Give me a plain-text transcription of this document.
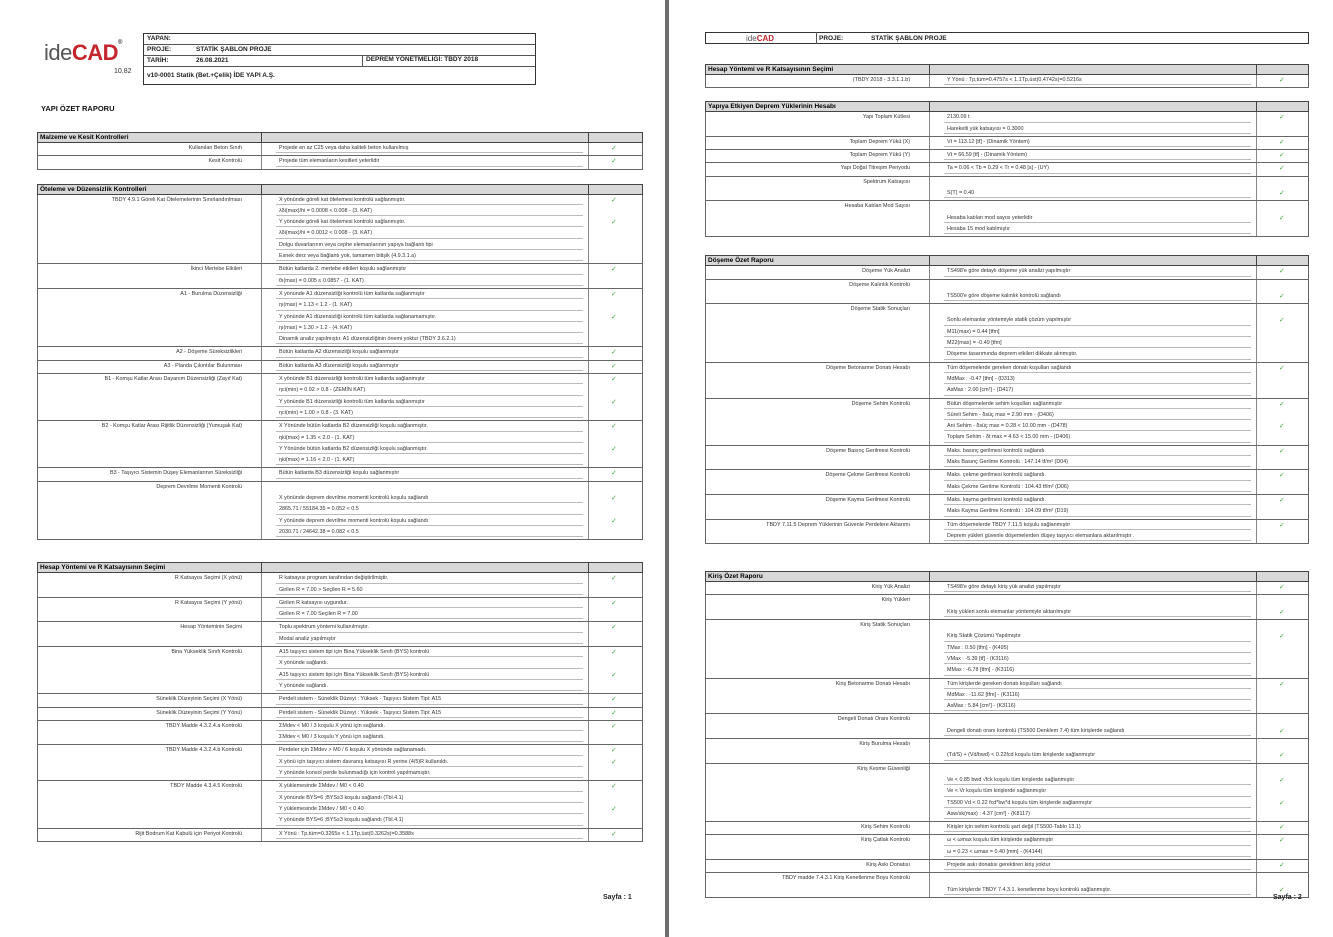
ideCAD®
10.82
YAPAN:
PROJE:	STATİK ŞABLON PROJE
TARİH:	26.08.2021	DEPREM YÖNETMELİĞİ: TBDY 2018
v10-0001 Statik (Bet.+Çelik) İDE YAPI A.Ş.
YAPI ÖZET RAPORU
Malzeme ve Kesit Kontrolleri
Kullanılan Beton Sınıfı	Projede en az C25 veya daha kaliteli beton kullanılmış	✓
Kesit Kontrolü	Projede tüm elemanların kesitleri yeterlidir	✓
Öteleme ve Düzensizlik Kontrolleri
TBDY 4.9.1 Göreli Kat Ötelemelerinin Sınırlandırılması	X yönünde göreli kat ötelemesi kontrolü sağlanmıştır.	✓
λδi(max)/hi = 0.0008 < 0.008 - (3. KAT)
Y yönünde göreli kat ötelemesi kontrolü sağlanmıştır.	✓
λδi(max)/hi = 0.0012 < 0.008 - (3. KAT)
Dolgu duvarlarının veya cephe elemanlarının yapıya bağlantı tipi
Esnek derz veya bağlantı yok, tamamen bitişik (4.9.3.1.a)
İkinci Mertebe Etkileri	Bütün katlarda 2. mertebe etkileri koşulu sağlanmıştır	✓
θı(max) = 0.005 ≤ 0.0857 - (1. KAT)
A1 - Burulma Düzensizliği	X yönünde A1 düzensizliği kontrolü tüm katlarda sağlanmıştır	✓
ηı(max) = 1.13 < 1.2 - (1. KAT)
Y yönünde A1 düzensizliği kontrolü tüm katlarda sağlanamamıştır.	✓
ηı(max) = 1.30 > 1.2 - (4. KAT)
Dinamik analiz yapılmıştır. A1 düzensizliğinin önemi yoktur (TBDY 3.6.2.1)
A2 - Döşeme Süreksizlikleri	Bütün katlarda A2 düzensizliği koşulu sağlanmıştır	✓
A3 - Planda Çıkıntılar Bulunması	Bütün katlarda A3 düzensizliği koşulu sağlanmıştır	✓
B1 - Komşu Katlar Arası Dayanım Düzensizliği (Zayıf Kat)	X yönünde B1 düzensizliği kontrolü tüm katlarda sağlanmıştır	✓
ηci(min) = 0.92 > 0.8 - (ZEMİN KAT)
Y yönünde B1 düzensizliği kontrolü tüm katlarda sağlanmıştır	✓
ηci(min) = 1.00 > 0.8 - (3. KAT)
B2 - Komşu Katlar Arası Rijitlik Düzensizliği (Yumuşak Kat)	X Yönünde bütün katlarda B2 düzensizliği koşulu sağlanmıştır.	✓
ηki(max) = 1.35 < 2.0 - (1. KAT)
Y Yönünde bütün katlarda B2 düzensizliği koşulu sağlanmıştır.	✓
ηki(max) = 1.16 < 2.0 - (1. KAT)
B3 - Taşıyıcı Sistemin Düşey Elemanlarının Süreksizliği	Bütün katlarda B3 düzensizliği koşulu sağlanmıştır	✓
Deprem Devrilme Momenti Kontrolü
X yönünde deprem devrilme momenti kontrolü koşulu sağlandı	✓
2865.71 / 55184.35 = 0.052 < 0.5
Y yönünde deprem devrilme momenti kontrolü koşulu sağlandı	✓
2030.71 / 24642.38 = 0.082 < 0.5
Hesap Yöntemi ve R Katsayısının Seçimi
R Katsayısı Seçimi (X yönü)	R katsayısı program tarafından değiştirilmiştir.	✓
Girilen R = 7.00 > Seçilen R = 5.60
R Katsayısı Seçimi (Y yönü)	Girilen R katsayısı uygundur.	✓
Girilen R = 7.00 Seçilen R = 7.00
Hesap Yönteminin Seçimi	Toplu spektrum yöntemi kullanılmıştır.	✓
Modal analiz yapılmıştır
Bina Yükseklik Sınıfı Kontrolü	A15 taşıyıcı sistem tipi için Bina Yükseklik Sınıfı (BYS) kontrolü	✓
X yönünde sağlandı.
A15 taşıyıcı sistem tipi için Bina Yükseklik Sınıfı (BYS) kontrolü	✓
Y yönünde sağlandı.
Süneklik Düzeyinin Seçimi (X Yönü)	Perdeli sistem - Süneklik Düzeyi : Yüksek - Taşıyıcı Sistem Tipi: A15	✓
Süneklik Düzeyinin Seçimi (Y Yönü)	Perdeli sistem - Süneklik Düzeyi : Yüksek - Taşıyıcı Sistem Tipi: A15	✓
TBDY Madde 4.3.2.4.a Kontrolü	ΣMdev < M0 / 3 koşulu X yönü için sağlandı.	✓
ΣMdev < M0 / 3 koşulu Y yönü için sağlandı.
TBDY Madde 4.3.2.4.b Kontrolü	Perdeler için ΣMdev > M0 / 6 koşulu X yönünde sağlanamadı.	✓
X yönü için taşıyıcı sistem davranış katsayısı R yerine (4/5)R kullanıldı.	✓
Y yönünde konsol perde bulunmadığı için kontrol yapılmamıştır.
TBDY Madde 4.3.4.5 Kontrolü	X yüklemesinde ΣMdev / M0 < 0.40	✓
X yönünde BYS=6 ;BYS≥3 koşulu sağlandı (Tbl.4.1)
Y yüklemesinde ΣMdev / M0 < 0.40	✓
Y yönünde BYS=6 ;BYS≥3 koşulu sağlandı (Tbl.4.1)
Rijit Bodrum Kat Kabulü için Periyot Kontrolü	X Yönü : Tp,tüm=0.3265s < 1.1Tp,üst(0.3262s)=0.3588s	✓
Sayfa : 1
ideCAD	PROJE:	STATİK ŞABLON PROJE
Hesap Yöntemi ve R Katsayısının Seçimi
(TBDY 2018 - 3.3.1.1.b)	Y Yönü : Tp,tüm=0.4757s < 1.1Tp,üst(0.4742s)=0.5216s	✓
Yapıya Etkiyen Deprem Yüklerinin Hesabı
Yapı Toplam Kütlesi	2130.09 t	✓
Hareketli yük katsayısı = 0.3000
Toplam Deprem Yükü (X)	Vt = 113.12 [tf] - (Dinamik Yöntem)	✓
Toplam Deprem Yükü (Y)	Vt = 66.59 [tf] - (Dinamik Yöntem)	✓
Yapı Doğal Titreşim Periyodu	Ta = 0.06 < Tb = 0.29 < Tr = 0.48 [s] - (UY)	✓
Spektrum Katsayısı
S(T) = 0.40	✓
Hesaba Katılan Mod Sayısı
Hesaba katılan mod sayısı yeterlidir	✓
Hesaba 15 mod katılmıştır
Döşeme Özet Raporu
Döşeme Yük Analizi	TS498'e göre detaylı döşeme yük analizi yapılmıştır	✓
Döşeme Kalınlık Kontrolü
TS500'e göre döşeme kalınlık kontrolü sağlandı	✓
Döşeme Statik Sonuçları
Sonlu elemanlar yöntemiyle statik çözüm yapılmıştır	✓
M11(max) = 0.44 [tfm]
M22(max) = -0.49 [tfm]
Döşeme tasarımında deprem etkileri dikkate alınmıştır.
Döşeme Betonarme Donatı Hesabı	Tüm döşemelerde gereken donatı koşulları sağlandı	✓
MdMax : -0.47 [tfm] - (D313)
AsMax : 2.00 [cm²] - (D417)
Döşeme Sehim Kontrolü	Bütün döşemelerde sehim koşulları sağlanmıştır	✓
Süreli Sehim - δsüç max = 2.90 mm - (D406)
Ani Sehim - δsüç max = 0.28 < 10.00 mm - (D478)	✓
Toplam Sehim - δt max = 4.63 < 15.00 mm - (D406)
Döşeme Basınç Gerilmesi Kontrolü	Maks. basınç gerilmesi kontrolü sağlandı.	✓
Maks Basınç Gerilme Kontrolü : 147.14 tf/m² (D04)
Döşeme Çekme Gerilmesi Kontrolü	Maks. çekme gerilmesi kontrolü sağlandı.	✓
Maks Çekme Gerilme Kontrolü : 104.43 tf/m² (D06)
Döşeme Kayma Gerilmesi Kontrolü	Maks. kayma gerilmesi kontrolü sağlandı.	✓
Maks Kayma Gerilme Kontrolü : 104.09 tf/m² (D19)
TBDY 7.11.5 Deprem Yüklerinin Güvenle Perdelere Aktarımı	Tüm döşemelerde TBDY 7.11.5 koşulu sağlanmıştır	✓
Deprem yükleri güvenle döşemelerden düşey taşıyıcı elemanlara aktarılmıştır .
Kiriş Özet Raporu
Kiriş Yük Analizi	TS498'e göre detaylı kiriş yük analizi yapılmıştır	✓
Kiriş Yükleri
Kiriş yükleri sonlu elemanlar yöntemiyle aktarılmıştır	✓
Kiriş Statik Sonuçları
Kiriş Statik Çözümü Yapılmıştır	✓
TMax : 0.50 [tfm] - (K495)
VMax : -5.39 [tf] - (K3116)
MMax : -6.78 [tfm] - (K3116)
Kiriş Betonarme Donatı Hesabı	Tüm kirişlerde gereken donatı koşulları sağlandı	✓
MdMax : -11.62 [tfm] - (K3116)
AsMax : 5.84 [cm²] - (K3116)
Dengeli Donatı Oranı Kontrolü
Dengeli donatı oranı kontrolü (TS500 Denklem 7.4) tüm kirişlerde sağlandı	✓
Kiriş Burulma Hesabı
(Td/S) + (Vd/bwd) < 0.22fcd koşulu tüm kirişlerde sağlanmıştır	✓
Kiriş Kesme Güvenliği
Ve < 0.85 bwd √fck koşulu tüm kirişlerde sağlanmıştır	✓
Ve < Vr koşulu tüm kirişlerde sağlanmıştır
TS500 Vd < 0.22 fcd*bw*d koşulu tüm kirişlerde sağlanmıştır	✓
Asw/sk(max) : 4.37 [cm²] - (K8117)
Kiriş Sehim Kontrolü	Kirişler için sehim kontrolü şart değil (TS500-Tablo 13.1)	✓
Kiriş Çatlak Kontrolü	ω < ωmax koşulu tüm kirişlerde sağlanmıştır	✓
ω = 0.23 < ωmax = 0.40 [mm] - (K4144)
Kiriş Askı Donatısı	Projede askı donatısı gerektiren kiriş yoktur	✓
TBDY madde 7.4.3.1 Kiriş Kenetlenme Boyu Kontrolü
Tüm kirişlerde TBDY 7.4.3.1. kenetlenme boyu kontrolü sağlanmıştır.	✓
Sayfa : 2
